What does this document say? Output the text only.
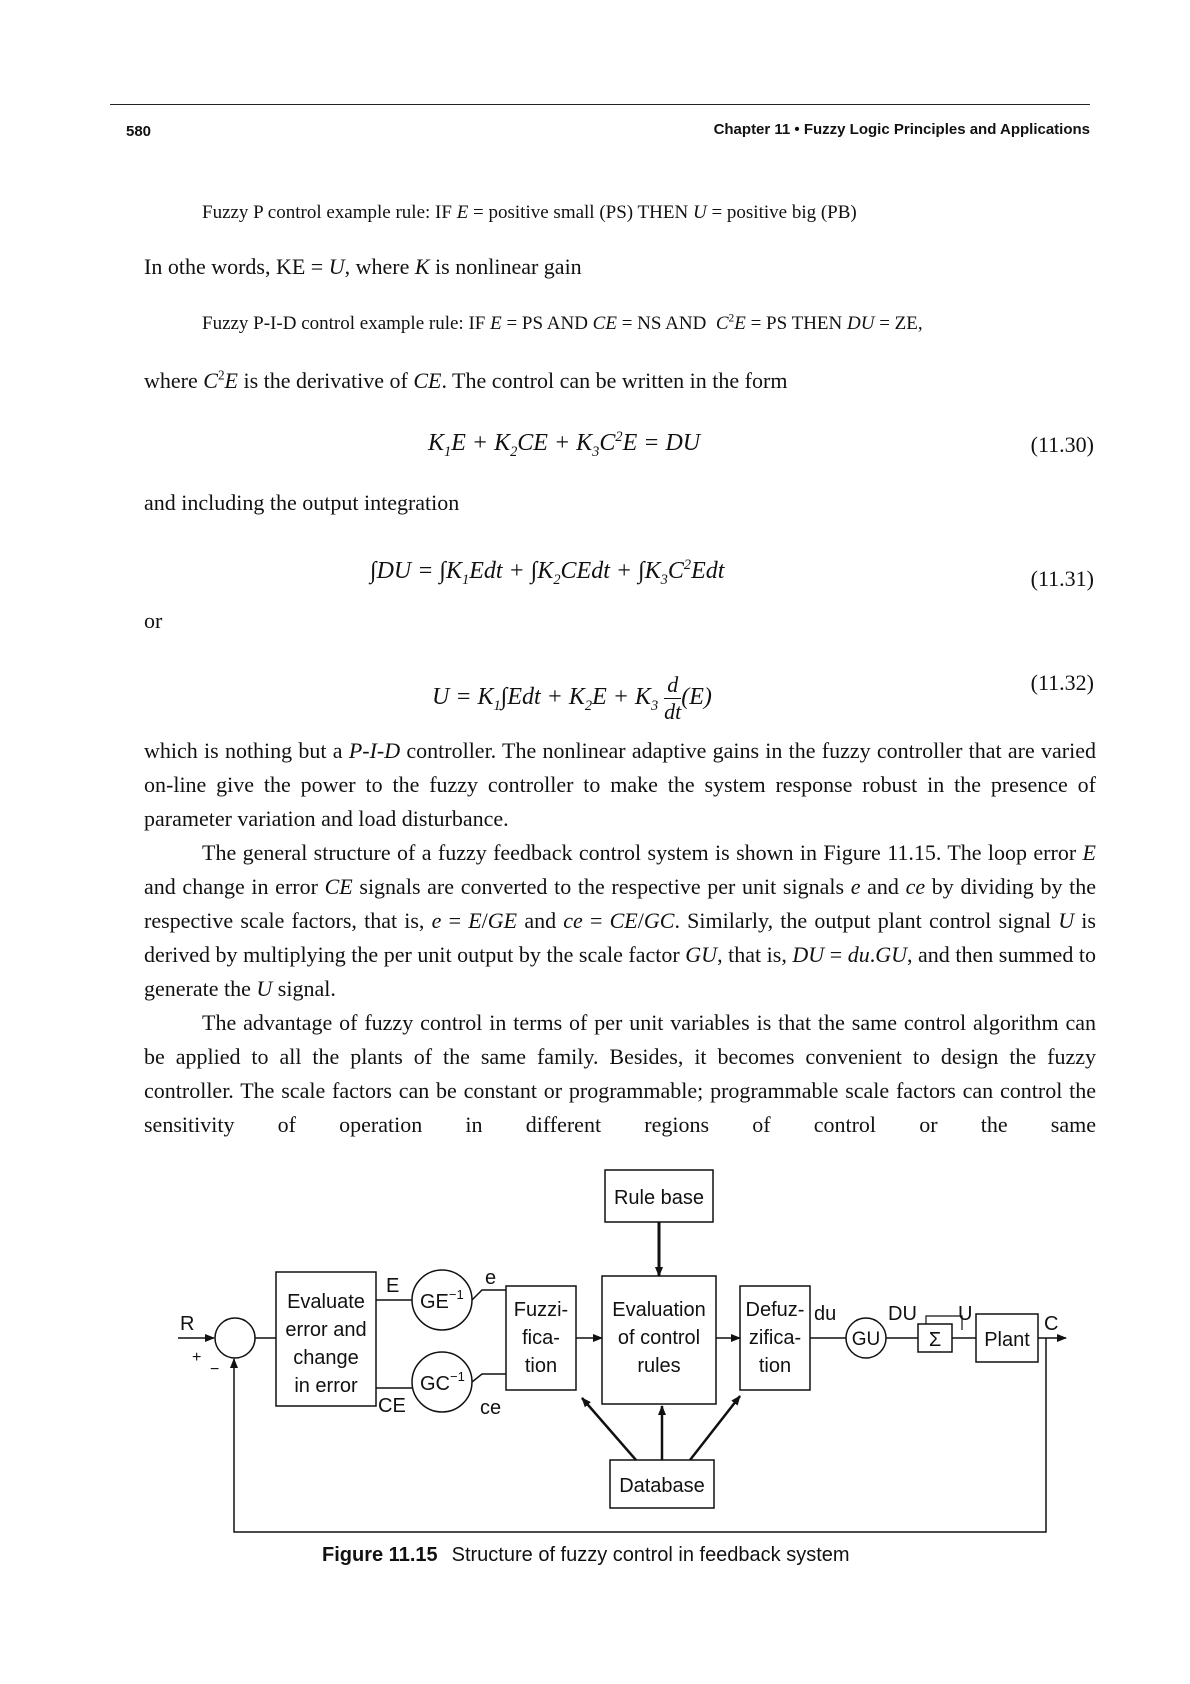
580	Chapter 11 • Fuzzy Logic Principles and Applications
Fuzzy P control example rule: IF E = positive small (PS) THEN U = positive big (PB)
In othe words, KE = U, where K is nonlinear gain
Fuzzy P-I-D control example rule: IF E = PS AND CE = NS AND  $C^2E$ = PS THEN DU = ZE,
where $C^2E$ is the derivative of CE. The control can be written in the form
$K_1E + K_2CE + K_3C^2E$ = DU	(11.30)
and including the output integration
$\int DU = \int K_1Edt$ + $\int K_2CEdt + \int K_3C^2Edt$	(11.31)
or
$U = K_1\int Edt + K_2E + K_3 \frac{d}{dt} (E)$
(11.32)

which is nothing but a P-I-D controller. The nonlinear adaptive gains in the fuzzy controller that are varied on-line give the power to the fuzzy controller to make the system response robust in the presence of parameter variation and load disturbance.

The general structure of a fuzzy feedback control system is shown in Figure 11.15. The loop error E and change in error CE signals are converted to the respective per unit signals e and ce by dividing by the respective scale factors, that is, e = E/GE and ce = CE/GC. Similarly, the output plant control signal U is derived by multiplying the per unit output by the scale factor GU, that is, DU = du.GU, and then summed to generate the U signal.

The advantage of fuzzy control in terms of per unit variables is that the same control algorithm can be applied to all the plants of the same family. Besides, it becomes convenient to design the fuzzy controller. The scale factors can be constant or programmable; programmable scale factors can control the sensitivity of operation in different regions of control or the same

Rule base
R
+
−
Evaluate
error and
change
in error
E
$GE^{-1}$
e
CE
$GC^{-1}$
ce
Fuzzi-
fica-
tion
Evaluation
of control
rules
Defuz-
zifica-
tion
du
GU
DU
Σ
U
Plant
C
Database
Figure 11.15 Structure of fuzzy control in feedback system
